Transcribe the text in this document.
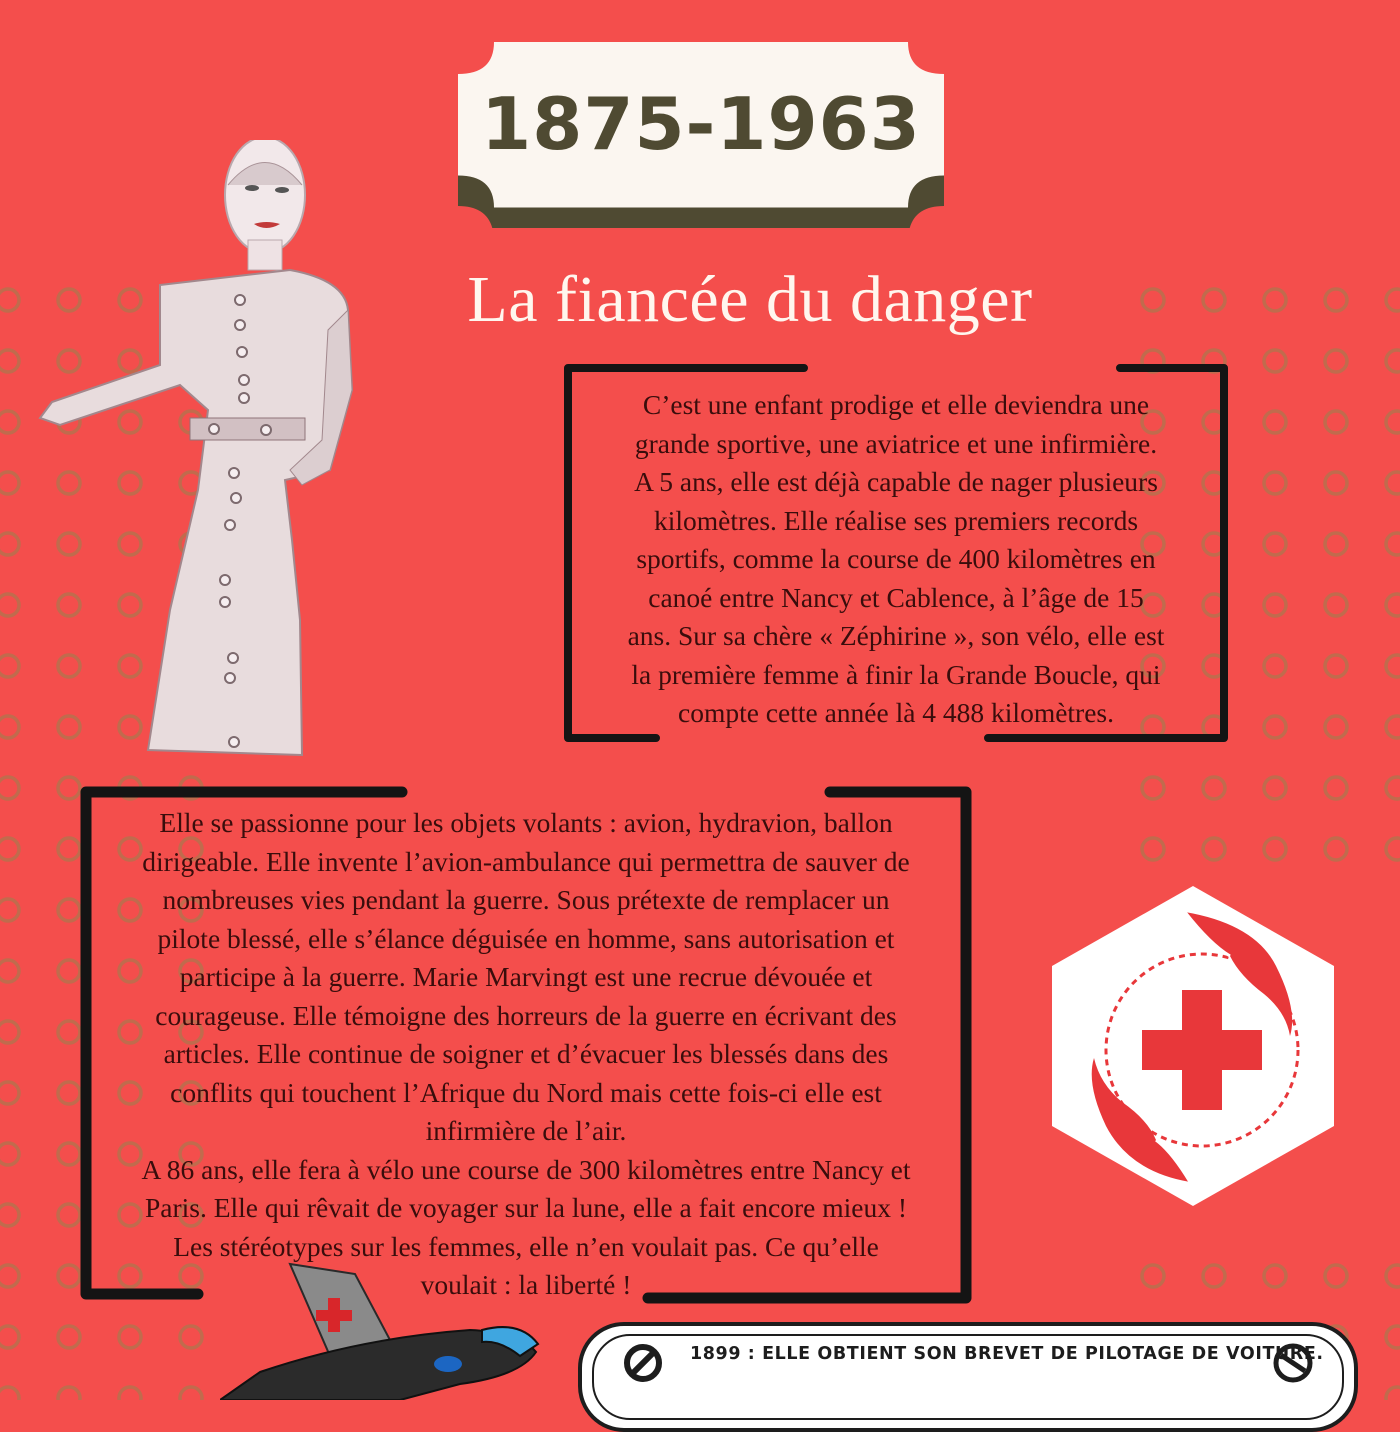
1875-1963
La fiancée du danger

C’est une enfant prodige et elle deviendra une

grande sportive, une aviatrice et une infirmière.

A 5 ans, elle est déjà capable de nager plusieurs

kilomètres. Elle réalise ses premiers records

sportifs, comme la course de 400 kilomètres en

canoé entre Nancy et Cablence, à l’âge de 15

ans. Sur sa chère « Zéphirine », son vélo, elle est

la première femme à finir la Grande Boucle, qui

compte cette année là 4 488 kilomètres.

Elle se passionne pour les objets volants : avion, hydravion, ballon

dirigeable. Elle invente l’avion-ambulance qui permettra de sauver de

nombreuses vies pendant la guerre. Sous prétexte de remplacer un

pilote blessé, elle s’élance déguisée en homme, sans autorisation et

participe à la guerre. Marie Marvingt est une recrue dévouée et

courageuse. Elle témoigne des horreurs de la guerre en écrivant des

articles. Elle continue de soigner et d’évacuer les blessés dans des

conflits qui touchent l’Afrique du Nord mais cette fois-ci elle est

infirmière de l’air.

A 86 ans, elle fera à vélo une course de 300 kilomètres entre Nancy et

Paris. Elle qui rêvait de voyager sur la lune, elle a fait encore mieux !

Les stéréotypes sur les femmes, elle n’en voulait pas. Ce qu’elle

voulait : la liberté !

1899 : ELLE OBTIENT SON BREVET DE PILOTAGE DE VOITURE.
